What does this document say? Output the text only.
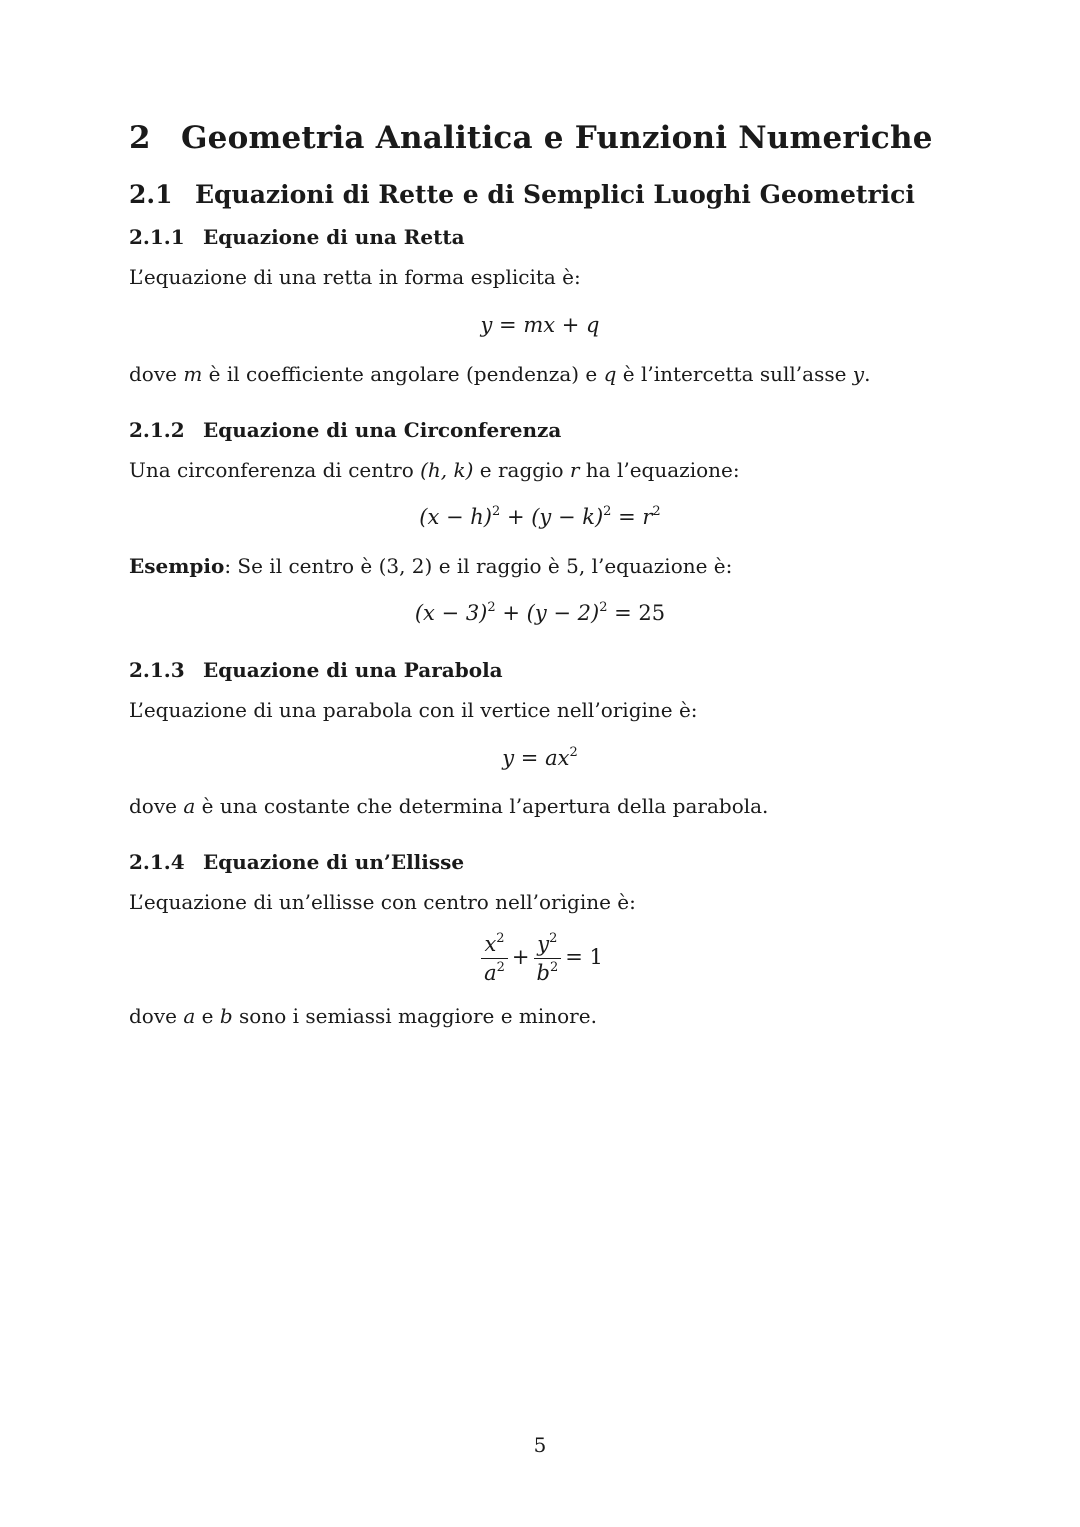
2 Geometria Analitica e Funzioni Numeriche
2.1 Equazioni di Rette e di Semplici Luoghi Geometrici
2.1.1 Equazione di una Retta
L’equazione di una retta in forma esplicita è:
y = mx + q
dove m è il coefficiente angolare (pendenza) e q è l’intercetta sull’asse y.
2.1.2 Equazione di una Circonferenza
Una circonferenza di centro (h, k) e raggio r ha l’equazione:
$(x - h)^2 + (y - k)^2 = r^2$
Esempio: Se il centro è (3, 2) e il raggio è 5, l’equazione è:
$(x - 3)^2 + (y - 2)^2 = 25$
2.1.3 Equazione di una Parabola
L’equazione di una parabola con il vertice nell’origine è:
$y = ax^2$
dove a è una costante che determina l’apertura della parabola.
2.1.4 Equazione di un’Ellisse
L’equazione di un’ellisse con centro nell’origine è:
$\frac{x^2}{a^2} + \frac{y^2}{b^2} = 1$
dove a e b sono i semiassi maggiore e minore.
5
